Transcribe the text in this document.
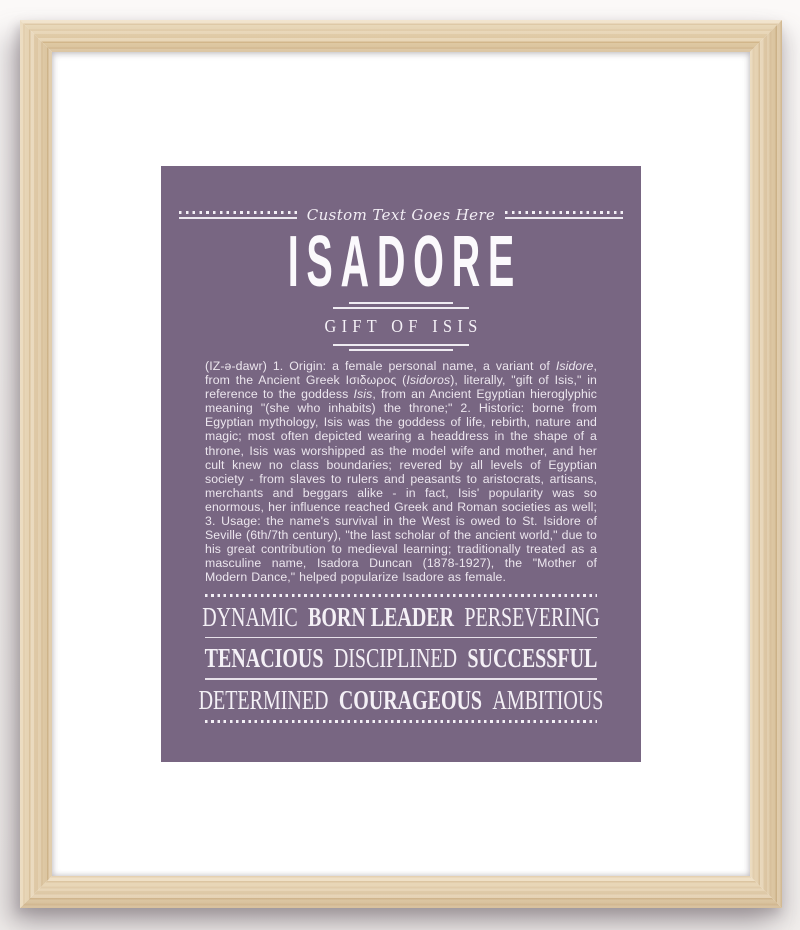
Custom Text Goes Here
ISADORE
GIFT OF ISIS
(IZ-ə-dawr) 1. Origin: a female personal name, a variant of Isidore, from the Ancient Greek Ισιδωρος (Isidoros), literally, "gift of Isis," in reference to the goddess Isis, from an Ancient Egyptian hieroglyphic meaning "(she who inhabits) the throne;" 2. Historic: borne from Egyptian mythology, Isis was the goddess of life, rebirth, nature and magic; most often depicted wearing a headdress in the shape of a throne, Isis was worshipped as the model wife and mother, and her cult knew no class boundaries; revered by all levels of Egyptian society - from slaves to rulers and peasants to aristocrats, artisans, merchants and beggars alike - in fact, Isis' popularity was so enormous, her influence reached Greek and Roman societies as well; 3. Usage: the name's survival in the West is owed to St. Isidore of Seville (6th/7th century), "the last scholar of the ancient world," due to his great contribution to medieval learning; traditionally treated as a masculine name, Isadora Duncan (1878-1927), the "Mother of Modern Dance," helped popularize Isadore as female.
DYNAMIC BORN LEADER PERSEVERING
TENACIOUS DISCIPLINED SUCCESSFUL
DETERMINED COURAGEOUS AMBITIOUS
